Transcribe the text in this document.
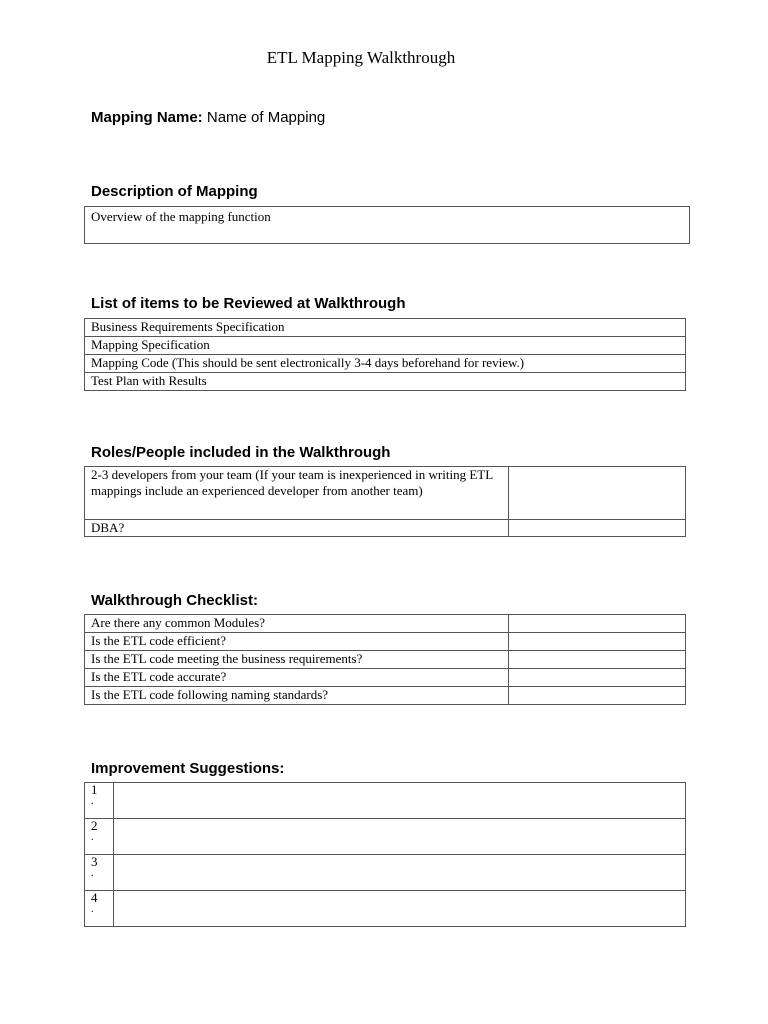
ETL Mapping Walkthrough
Mapping Name: Name of Mapping
Description of Mapping
Overview of the mapping function
List of items to be Reviewed at Walkthrough
Business Requirements Specification
Mapping Specification
Mapping Code (This should be sent electronically 3-4 days beforehand for review.)
Test Plan with Results
Roles/People included in the Walkthrough
2-3 developers from your team (If your team is inexperienced in writing ETL mappings include an experienced developer from another team)	
DBA?	
Walkthrough Checklist:
Are there any common Modules?	
Is the ETL code efficient?	
Is the ETL code meeting the business requirements?	
Is the ETL code accurate?	
Is the ETL code following naming standards?	
Improvement Suggestions:
1
.	

2
.	

3
.	

4
.	
